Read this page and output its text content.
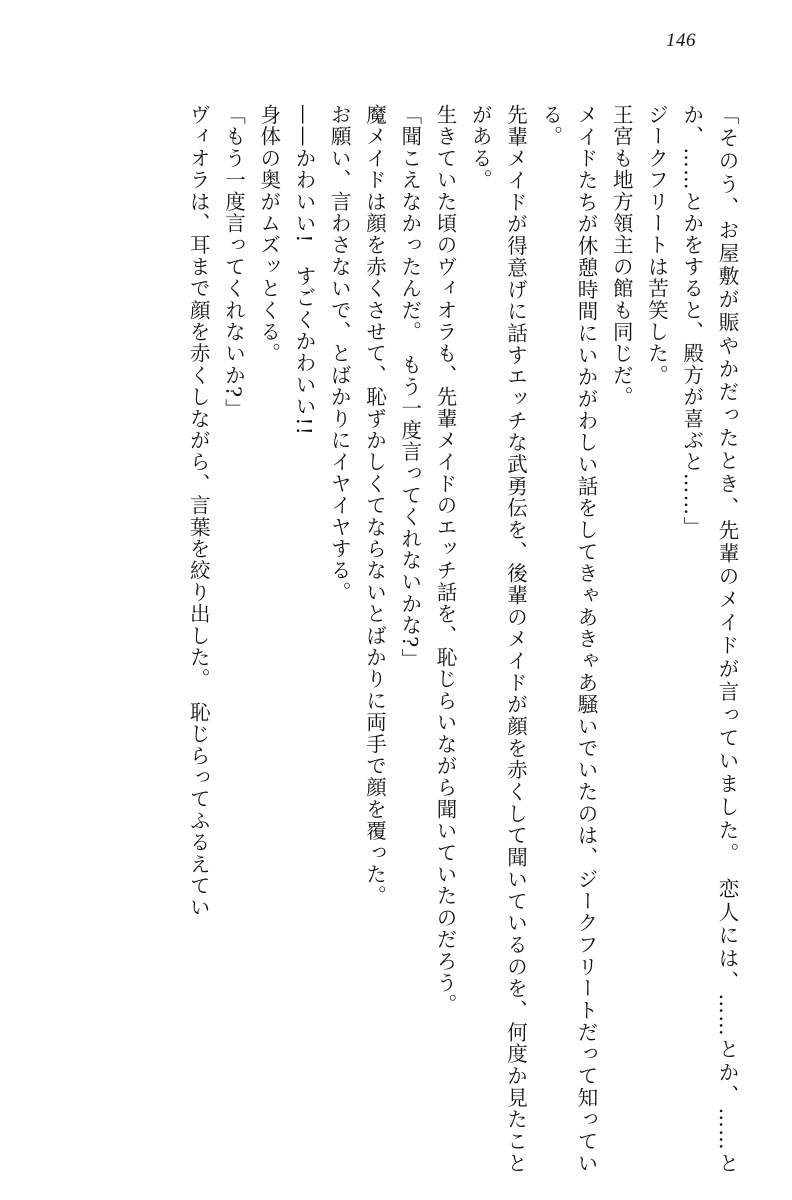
146

「そのう、お屋敷が賑やかだったとき、先輩のメイドが言っていました。　恋人には、……とか、……とか、……とかをすると、殿方が喜ぶと……」

ジークフリートは苦笑した。

王宮も地方領主の館も同じだ。

メイドたちが休憩時間にいかがわしい話をしてきゃあきゃあ騒いでいたのは、ジークフリートだって知っている。

先輩メイドが得意げに話すエッチな武勇伝を、後輩のメイドが顔を赤くして聞いているのを、何度か見たことがある。

生きていた頃のヴィオラも、先輩メイドのエッチ話を、恥じらいながら聞いていたのだろう。

「聞こえなかったんだ。　もう一度言ってくれないかな?」

魔メイドは顔を赤くさせて、恥ずかしくてならないとばかりに両手で顔を覆った。

お願い、言わさないで、とばかりにイヤイヤする。

——かわいい!　すごくかわいい!!

身体の奥がムズッとくる。

「もう一度言ってくれないか?」

ヴィオラは、耳まで顔を赤くしながら、言葉を絞り出した。　恥じらってふるえてい
